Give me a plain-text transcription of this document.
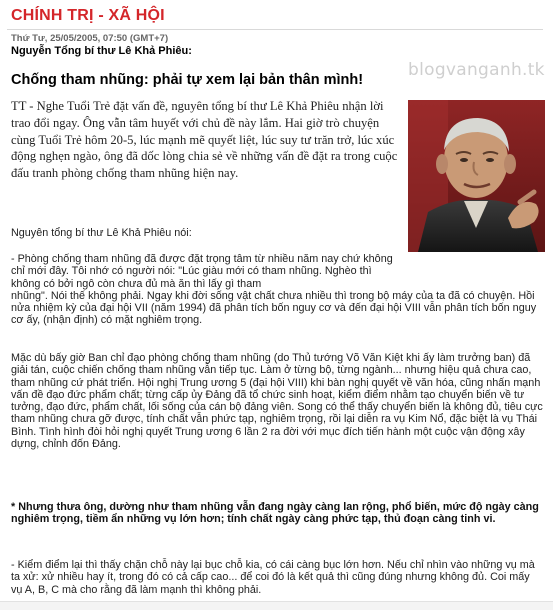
CHÍNH TRỊ - XÃ HỘI
Thứ Tư, 25/05/2005, 07:50 (GMT+7)
Nguyễn Tổng bí thư Lê Khả Phiêu:
Chống tham nhũng: phải tự xem lại bản thân mình!	blogvanganh.tk

TT - Nghe Tuổi Trẻ đặt vấn đề, nguyên tổng bí thư Lê Khả Phiêu nhận lời trao đổi ngay. Ông vẫn tâm huyết với chủ đề này lắm. Hai giờ trò chuyện cùng Tuổi Trẻ hôm 20-5, lúc mạnh mẽ quyết liệt, lúc suy tư trăn trở, lúc xúc động nghẹn ngào, ông đã dốc lòng chia sẻ về những vấn đề đặt ra trong cuộc đấu tranh phòng chống tham nhũng hiện nay.

Nguyên tổng bí thư Lê Khả Phiêu nói:

- Phòng chống tham nhũng đã được đặt trọng tâm từ nhiều năm nay chứ không chỉ mới đây. Tôi nhớ có người nói: "Lúc giàu mới có tham nhũng. Nghèo thì không có bởi ngô còn chưa đủ mà ăn thì lấy gì tham
nhũng". Nói thế không phải. Ngay khi đời sống vật chất chưa nhiều thì trong bộ máy của ta đã có chuyện. Hồi nửa nhiệm kỳ của đại hội VII (năm 1994) đã phân tích bốn nguy cơ và đến đại hội VIII vẫn phân tích bốn nguy cơ ấy, (nhận định) có mặt nghiêm trọng.

Mặc dù bấy giờ Ban chỉ đạo phòng chống tham nhũng (do Thủ tướng Võ Văn Kiệt khi ấy làm trưởng ban) đã giải tán, cuộc chiến chống tham nhũng vẫn tiếp tục. Làm ở từng bộ, từng ngành... nhưng hiệu quả chưa cao, tham nhũng cứ phát triển. Hội nghị Trung ương 5 (đại hội VIII) khi bàn nghị quyết về văn hóa, cũng nhấn mạnh vấn đề đạo đức phẩm chất; từng cấp ủy Đảng đã tổ chức sinh hoạt, kiểm điểm nhằm tạo chuyển biến về tư tưởng, đạo đức, phẩm chất, lối sống của cán bộ đảng viên. Song có thể thấy chuyển biến là không đủ, tiêu cực tham nhũng chưa gỡ được, tính chất vẫn phức tạp, nghiêm trọng, rồi lại diễn ra vụ Kim Nổ, đặc biệt là vụ Thái Bình. Tình hình đòi hỏi nghị quyết Trung ương 6 lần 2 ra đời với mục đích tiến hành một cuộc vận động xây dựng, chỉnh đốn Đảng.

* Nhưng thưa ông, dường như tham nhũng vẫn đang ngày càng lan rộng, phổ biến, mức độ ngày càng nghiêm trọng, tiềm ẩn những vụ lớn hơn; tính chất ngày càng phức tạp, thủ đoạn càng tinh vi.

- Kiểm điểm lại thì thấy chặn chỗ này lại bục chỗ kia, có cái càng bục lớn hơn. Nếu chỉ nhìn vào những vụ mà ta xử: xử nhiều hay ít, trong đó có cả cấp cao... để coi đó là kết quả thì cũng đúng nhưng không đủ. Coi mấy vụ A, B, C mà cho rằng đã làm mạnh thì không phải.
